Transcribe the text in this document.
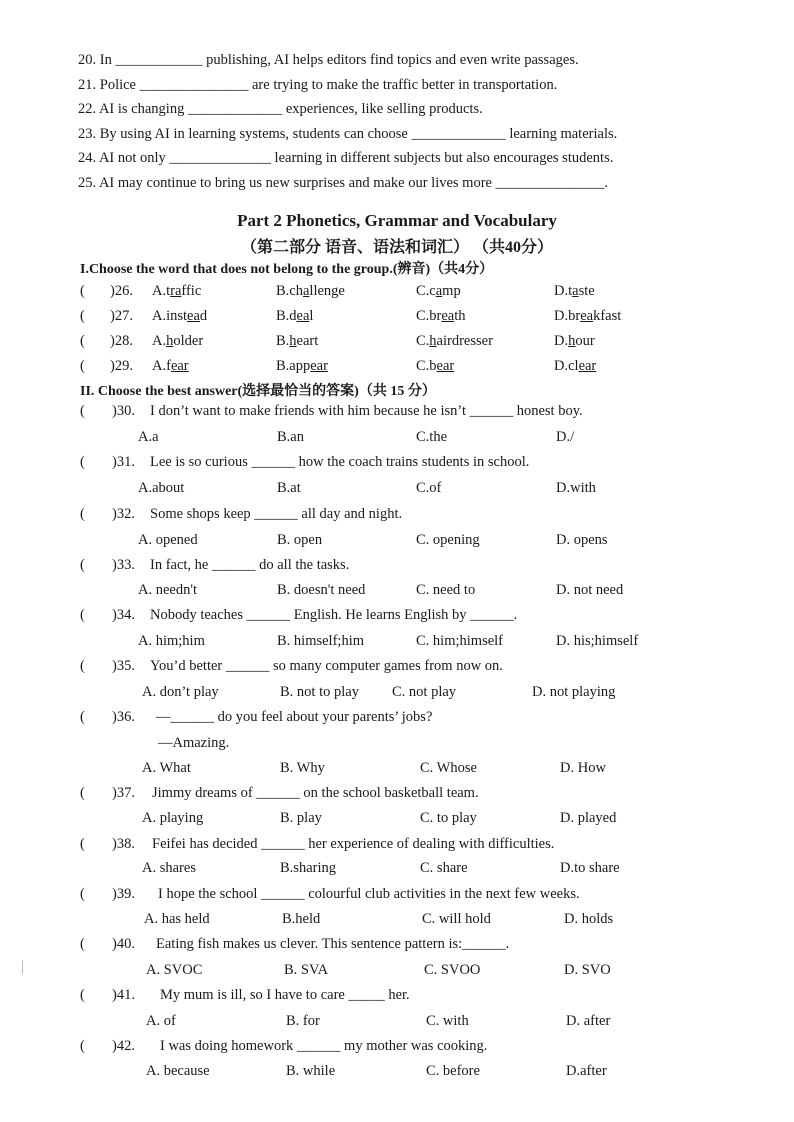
20. In ____________ publishing, AI helps editors find topics and even write passages.
21. Police _______________ are trying to make the traffic better in transportation.
22. AI is changing _____________ experiences, like selling products.
23. By using AI in learning systems, students can choose _____________ learning materials.
24. AI not only ______________ learning in different subjects but also encourages students.
25. AI may continue to bring us new surprises and make our lives more _______________.
Part 2 Phonetics, Grammar and Vocabulary
（第二部分 语音、语法和词汇） （共40分）
I.Choose the word that does not belong to the group.(辨音)（共4分）
( )26. A.traffic	B.challenge	C.camp	D.taste
( )27. A.instead	B.deal	C.breath	D.breakfast
( )28. A.holder	B.heart	C.hairdresser	D.hour
( )29. A.fear	B.appear	C.bear	D.clear
II. Choose the best answer(选择最恰当的答案)（共 15 分）
( )30. I don’t want to make friends with him because he isn’t ______ honest boy.
A.a	B.an	C.the	D./
( )31. Lee is so curious ______ how the coach trains students in school.
A.about	B.at	C.of	D.with
( )32. Some shops keep ______ all day and night.
A. opened	B. open	C. opening	D. opens
( )33. In fact, he ______ do all the tasks.
A. needn't	B. doesn't need	C. need to	D. not need
( )34. Nobody teaches ______ English. He learns English by ______.
A. him;him	B. himself;him	C. him;himself	D. his;himself
( )35. You’d better ______ so many computer games from now on.
A. don’t play	B. not to play C. not play	D. not playing
( )36. —______ do you feel about your parents’ jobs?
—Amazing.
A. What	B. Why	C. Whose	D. How
( )37. Jimmy dreams of ______ on the school basketball team.
A. playing	B. play	C. to play	D. played
( )38. Feifei has decided ______ her experience of dealing with difficulties.
A. shares	B.sharing	C. share	D.to share
( )39. I hope the school ______ colourful club activities in the next few weeks.
A. has held	B.held	C. will hold	D. holds
( )40. Eating fish makes us clever. This sentence pattern is:______.
A. SVOC	B. SVA	C. SVOO	D. SVO
( )41. My mum is ill, so I have to care _____ her.
A. of	B. for	C. with	D. after
( )42. I was doing homework ______ my mother was cooking.
A. because	B. while	C. before	D.after
